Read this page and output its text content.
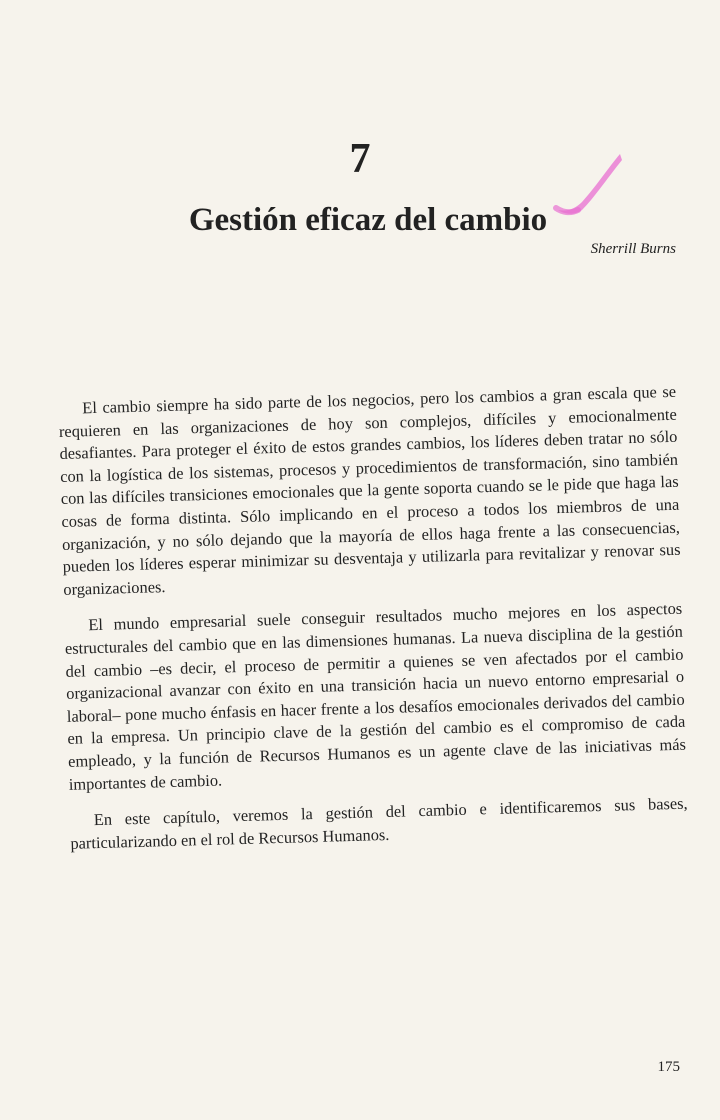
7
Gestión eficaz del cambio
Sherrill Burns

El cambio siempre ha sido parte de los negocios, pero los cambios a gran escala que se requieren en las organizaciones de hoy son complejos, difíciles y emocionalmente desafiantes. Para proteger el éxito de estos grandes cambios, los líderes deben tratar no sólo con la logística de los sistemas, procesos y procedimientos de transformación, sino también con las difíciles transiciones emocionales que la gente soporta cuando se le pide que haga las cosas de forma distinta. Sólo implicando en el proceso a todos los miembros de una organización, y no sólo dejando que la mayoría de ellos haga frente a las consecuencias, pueden los líderes esperar minimizar su desventaja y utilizarla para revitalizar y renovar sus organizaciones.

El mundo empresarial suele conseguir resultados mucho mejores en los aspectos estructurales del cambio que en las dimensiones humanas. La nueva disciplina de la gestión del cambio –es decir, el proceso de permitir a quienes se ven afectados por el cambio organizacional avanzar con éxito en una transición hacia un nuevo entorno empresarial o laboral– pone mucho énfasis en hacer frente a los desafíos emocionales derivados del cambio en la empresa. Un principio clave de la gestión del cambio es el compromiso de cada empleado, y la función de Recursos Humanos es un agente clave de las iniciativas más importantes de cambio.

En este capítulo, veremos la gestión del cambio e identificaremos sus bases, particularizando en el rol de Recursos Humanos.

175
